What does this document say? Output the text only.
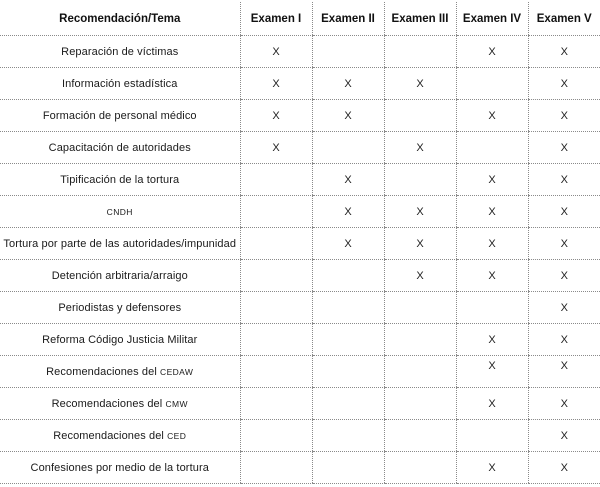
Recomendación/Tema	Examen I	Examen II	Examen III	Examen IV	Examen V
Reparación de víctimas	X			X	X
Información estadística	X	X	X		X
Formación de personal médico	X	X		X	X
Capacitación de autoridades	X		X		X
Tipificación de la tortura		X		X	X
CNDH		X	X	X	X
Tortura por parte de las autoridades/impunidad		X	X	X	X
Detención arbitraria/arraigo			X	X	X
Periodistas y defensores					X
Reforma Código Justicia Militar				X	X
Recomendaciones del CEDAW				X	X
Recomendaciones del CMW				X	X
Recomendaciones del CED					X
Confesiones por medio de la tortura				X	X
